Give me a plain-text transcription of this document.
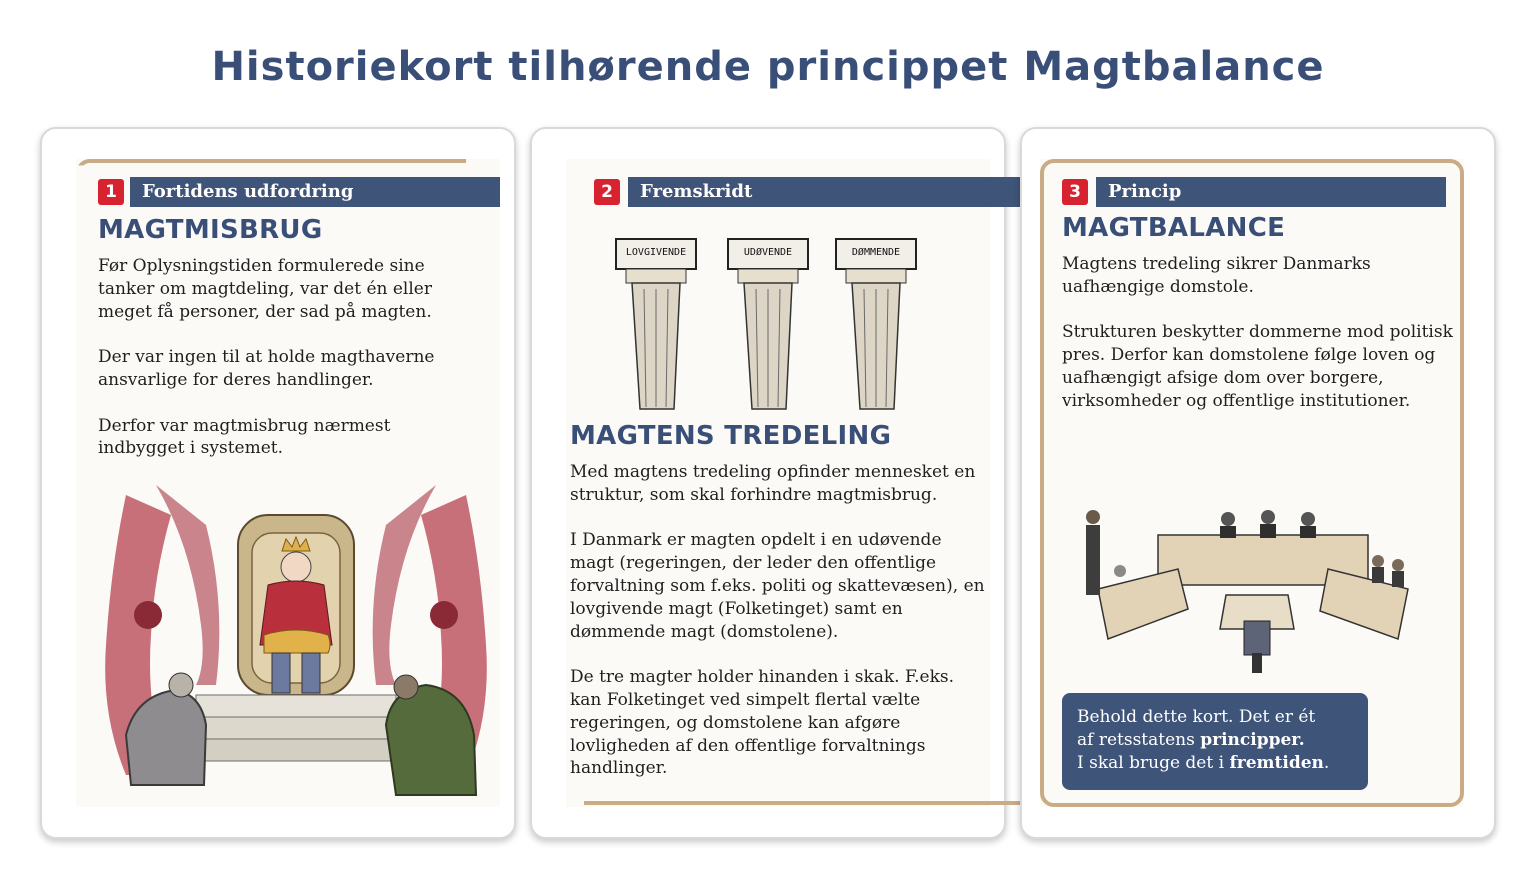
Historiekort tilhørende princippet Magtbalance
1	Fortidens udfordring
MAGTMISBRUG

Før Oplysningstiden formulerede sine tanker om magtdeling, var det én eller meget få personer, der sad på magten.

Der var ingen til at holde magthaverne ansvarlige for deres handlinger.

Derfor var magtmisbrug nærmest indbygget i systemet.

2	Fremskridt
LOVGIVENDE	UDØVENDE	DØMMENDE
MAGTENS TREDELING

Med magtens tredeling opfinder mennesket en struktur, som skal forhindre magtmisbrug.

I Danmark er magten opdelt i en udøvende magt (regeringen, der leder den offentlige forvaltning som f.eks. politi og skattevæsen), en lovgivende magt (Folketinget) samt en dømmende magt (domstolene).

De tre magter holder hinanden i skak. F.eks. kan Folketinget ved simpelt flertal vælte regeringen, og domstolene kan afgøre lovligheden af den offentlige forvaltnings handlinger.

3	Princip
MAGTBALANCE

Magtens tredeling sikrer Danmarks uafhængige domstole.

Strukturen beskytter dommerne mod politisk pres. Derfor kan domstolene følge loven og uafhængigt afsige dom over borgere, virksomheder og offentlige institutioner.

Behold dette kort. Det er ét
af retsstatens principper.
I skal bruge det i fremtiden.
